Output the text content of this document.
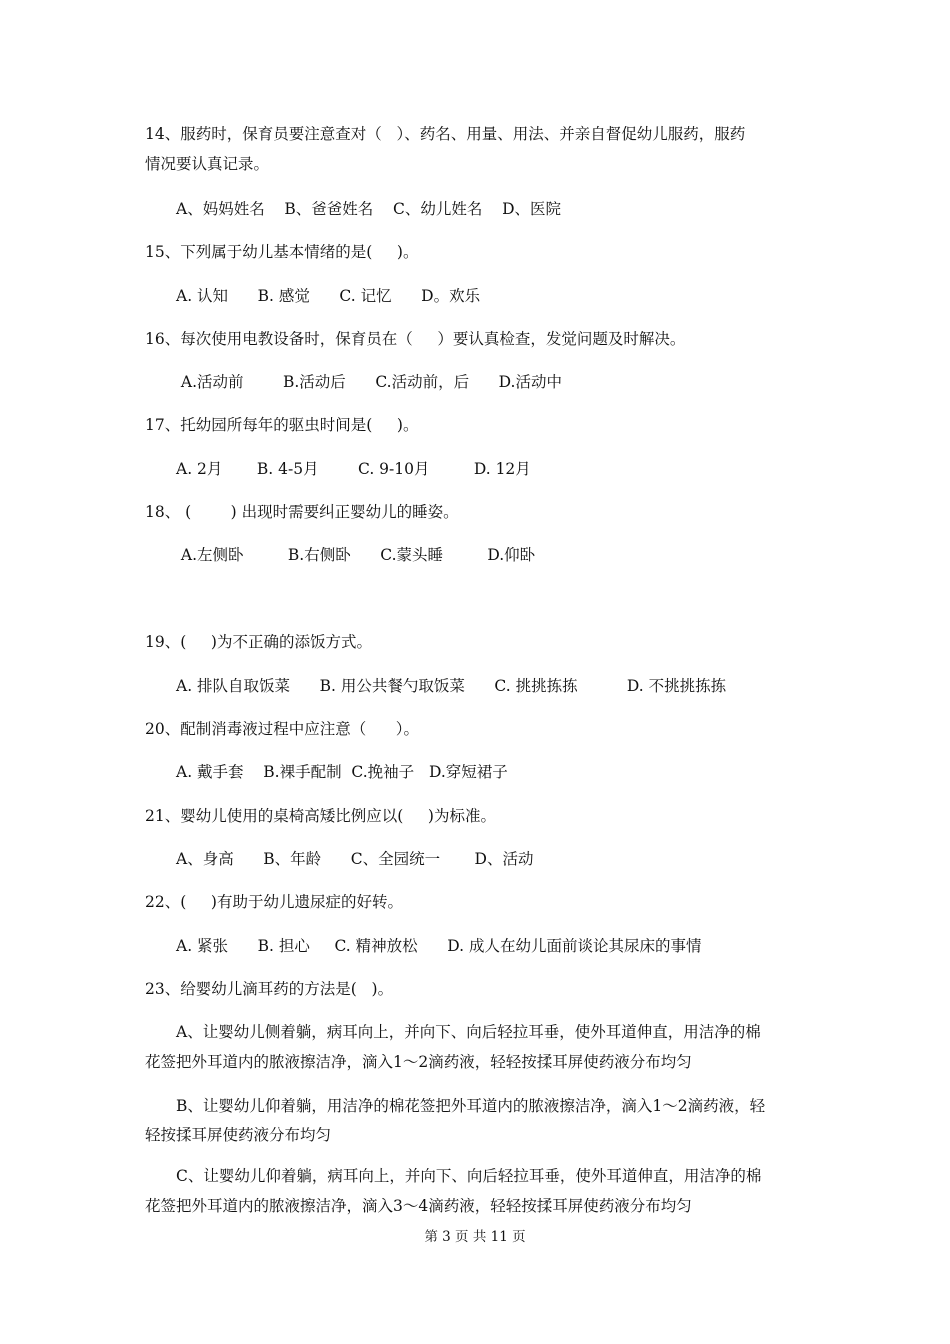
14、服药时，保育员要注意查对（   ）、药名、用量、用法、并亲自督促幼儿服药，服药
情况要认真记录。
A、妈妈姓名    B、爸爸姓名    C、幼儿姓名    D、医院
15、下列属于幼儿基本情绪的是(     )。
A. 认知      B. 感觉      C. 记忆      D。欢乐
16、每次使用电教设备时，保育员在（     ）要认真检查，发觉问题及时解决。
A.活动前        B.活动后      C.活动前，后      D.活动中
17、托幼园所每年的驱虫时间是(     )。
A. 2月       B. 4-5月        C. 9-10月         D. 12月
18、 (        ) 出现时需要纠正婴幼儿的睡姿。
A.左侧卧         B.右侧卧      C.蒙头睡         D.仰卧
19、(     )为不正确的添饭方式。
A. 排队自取饭菜      B. 用公共餐勺取饭菜      C. 挑挑拣拣          D. 不挑挑拣拣
20、配制消毒液过程中应注意（      ）。
A. 戴手套    B.裸手配制  C.挽袖子   D.穿短裙子
21、婴幼儿使用的桌椅高矮比例应以(     )为标准。
A、身高      B、年龄      C、全园统一       D、活动
22、(     )有助于幼儿遗尿症的好转。
A. 紧张      B. 担心     C. 精神放松      D. 成人在幼儿面前谈论其尿床的事情
23、给婴幼儿滴耳药的方法是(   )。
A、让婴幼儿侧着躺，病耳向上，并向下、向后轻拉耳垂，使外耳道伸直，用洁净的棉
花签把外耳道内的脓液擦洁净，滴入1～2滴药液，轻轻按揉耳屏使药液分布均匀
B、让婴幼儿仰着躺，用洁净的棉花签把外耳道内的脓液擦洁净，滴入1～2滴药液，轻
轻按揉耳屏使药液分布均匀
C、让婴幼儿仰着躺，病耳向上，并向下、向后轻拉耳垂，使外耳道伸直，用洁净的棉
花签把外耳道内的脓液擦洁净，滴入3～4滴药液，轻轻按揉耳屏使药液分布均匀
第 3 页 共 11 页
